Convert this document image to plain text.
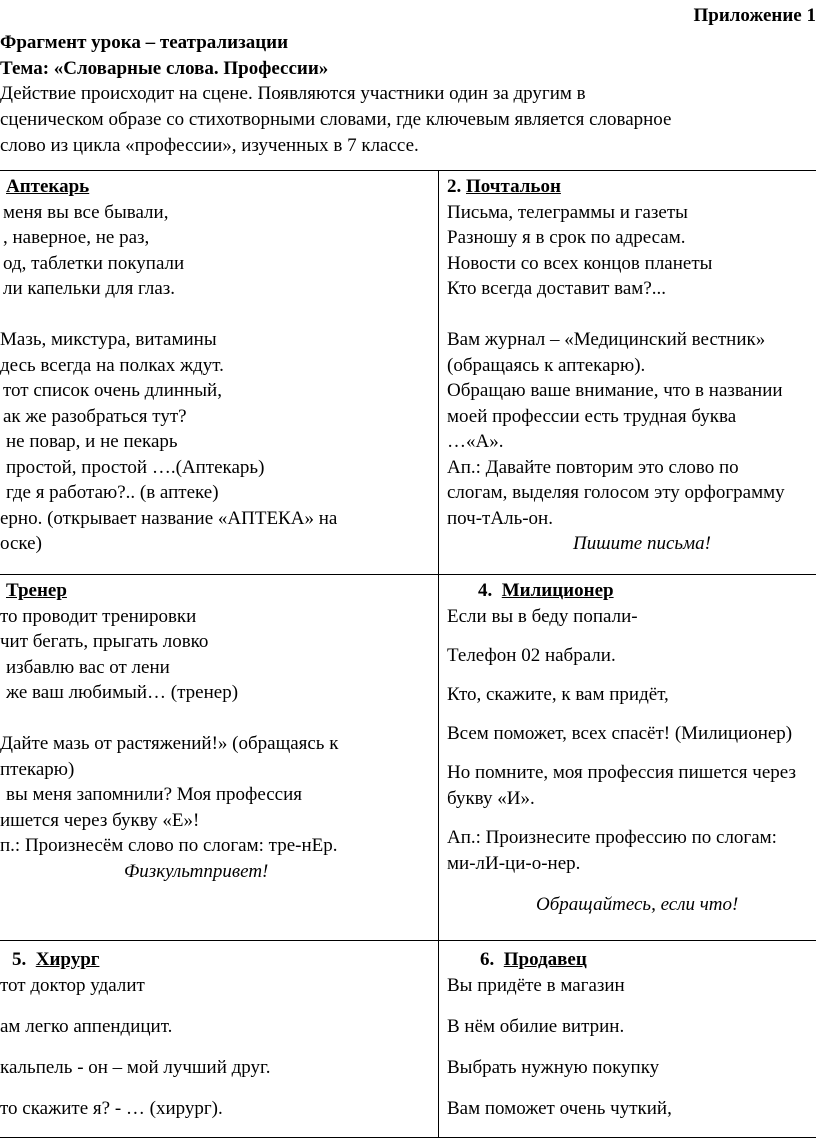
Приложение 1
Фрагмент урока – театрализации
Тема: «Словарные слова. Профессии»
Действие происходит на сцене. Появляются участники один за другим в
сценическом образе со стихотворными словами, где ключевым является словарное
слово из цикла «профессии», изученных в 7 классе.
Аптекарь
меня вы все бывали,
, наверное, не раз,
од, таблетки покупали
ли капельки для глаз.
Мазь, микстура, витамины
десь всегда на полках ждут.
тот список очень длинный,
ак же разобраться тут?
не повар, и не пекарь
простой, простой ….(Аптекарь)
где я работаю?.. (в аптеке)
ерно. (открывает название «АПТЕКА» на
оске)
2. Почтальон
Письма, телеграммы и газеты
Разношу я в срок по адресам.
Новости со всех концов планеты
Кто всегда доставит вам?...
Вам журнал – «Медицинский вестник»
(обращаясь к аптекарю).
Обращаю ваше внимание, что в названии
моей профессии есть трудная буква
…«А».
Ап.: Давайте повторим это слово по
слогам, выделяя голосом эту орфограмму
поч-тАль-он.
Пишите письма!
Тренер
то проводит тренировки
чит бегать, прыгать ловко
избавлю вас от лени
же ваш любимый… (тренер)
Дайте мазь от растяжений!» (обращаясь к
птекарю)
вы меня запомнили? Моя профессия
ишется через букву «Е»!
п.: Произнесём слово по слогам: тре-нЕр.
Физкультпривет!
4. Милиционер
Если вы в беду попали-
Телефон 02 набрали.
Кто, скажите, к вам придёт,
Всем поможет, всех спасёт! (Милиционер)
Но помните, моя профессия пишется через
букву «И».
Ап.: Произнесите профессию по слогам:
ми-лИ-ци-о-нер.
Обращайтесь, если что!
5. Хирург
тот доктор удалит
ам легко аппендицит.
кальпель - он – мой лучший друг.
то скажите я? - … (хирург).
6. Продавец
Вы придёте в магазин
В нём обилие витрин.
Выбрать нужную покупку
Вам поможет очень чуткий,
